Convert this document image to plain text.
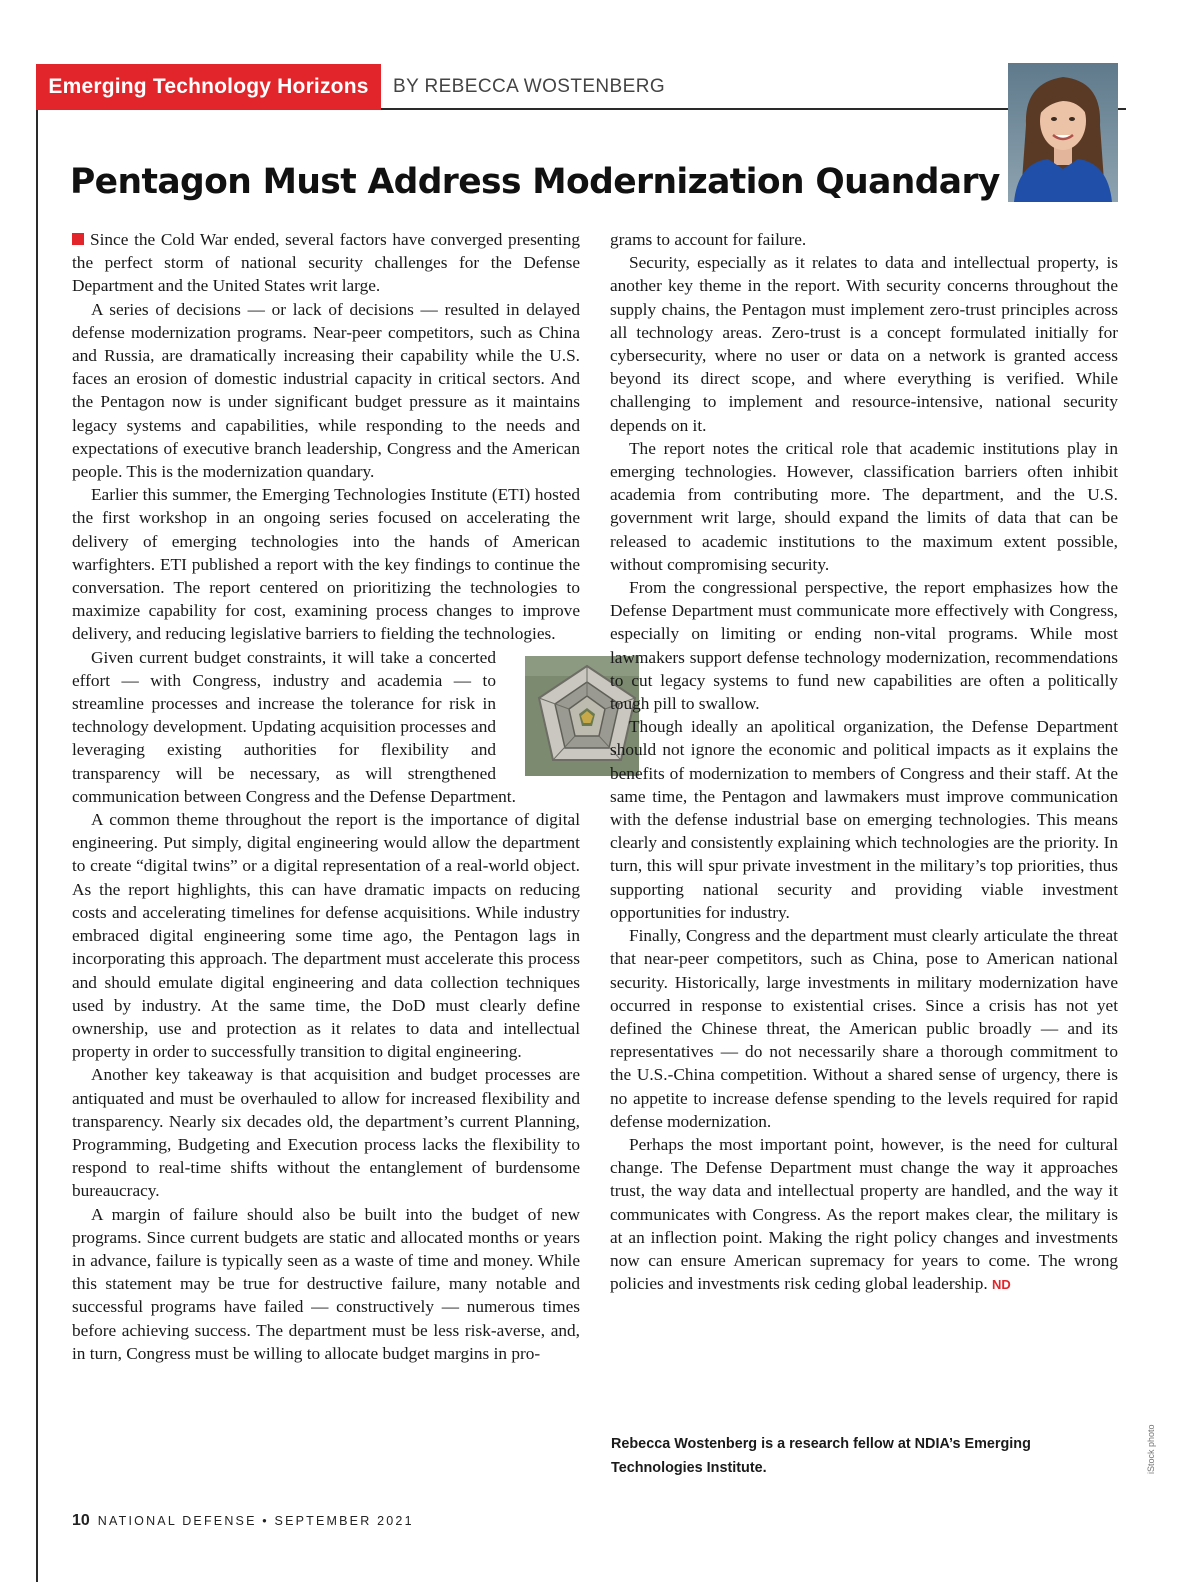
Emerging Technology Horizons	BY REBECCA WOSTENBERG
Pentagon Must Address Modernization Quandary

Since the Cold War ended, several factors have converged presenting the perfect storm of national security challenges for the Defense Department and the United States writ large.

A series of decisions — or lack of decisions — resulted in delayed defense modernization programs. Near-peer competitors, such as China and Russia, are dramatically increasing their capability while the U.S. faces an erosion of domestic industrial capacity in critical sectors. And the Pentagon now is under significant budget pressure as it maintains legacy systems and capabilities, while responding to the needs and expectations of executive branch leadership, Congress and the American people. This is the modernization quandary.

Earlier this summer, the Emerging Technologies Institute (ETI) hosted the first workshop in an ongoing series focused on accelerating the delivery of emerging technologies into the hands of American warfighters. ETI published a report with the key findings to continue the conversation. The report centered on prioritizing the technologies to maximize capability for cost, examining process changes to improve delivery, and reducing legislative barriers to fielding the technologies.

Given current budget constraints, it will take a concerted effort — with Congress, industry and academia — to streamline processes and increase the tolerance for risk in technology development. Updating acquisition processes and leveraging existing authorities for flexibility and transparency will be necessary, as will strengthened communication between Congress and the Defense Department.

A common theme throughout the report is the importance of digital engineering. Put simply, digital engineering would allow the department to create “digital twins” or a digital representation of a real-world object. As the report highlights, this can have dramatic impacts on reducing costs and accelerating timelines for defense acquisitions. While industry embraced digital engineering some time ago, the Pentagon lags in incorporating this approach. The department must accelerate this process and should emulate digital engineering and data collection techniques used by industry. At the same time, the DoD must clearly define ownership, use and protection as it relates to data and intellectual property in order to successfully transition to digital engineering.

Another key takeaway is that acquisition and budget processes are antiquated and must be overhauled to allow for increased flexibility and transparency. Nearly six decades old, the department’s current Planning, Programming, Budgeting and Execution process lacks the flexibility to respond to real-time shifts without the entanglement of burdensome bureaucracy.

A margin of failure should also be built into the budget of new programs. Since current budgets are static and allocated months or years in advance, failure is typically seen as a waste of time and money. While this statement may be true for destructive failure, many notable and successful programs have failed — constructively — numerous times before achieving success. The department must be less risk-averse, and, in turn, Congress must be willing to allocate budget margins in pro-

grams to account for failure.

Security, especially as it relates to data and intellectual property, is another key theme in the report. With security concerns throughout the supply chains, the Pentagon must implement zero-trust principles across all technology areas. Zero-trust is a concept formulated initially for cybersecurity, where no user or data on a network is granted access beyond its direct scope, and where everything is verified. While challenging to implement and resource-intensive, national security depends on it.

The report notes the critical role that academic institutions play in emerging technologies. However, classification barriers often inhibit academia from contributing more. The department, and the U.S. government writ large, should expand the limits of data that can be released to academic institutions to the maximum extent possible, without compromising security.

From the congressional perspective, the report emphasizes how the Defense Department must communicate more effectively with Congress, especially on limiting or ending non-vital programs. While most lawmakers support defense technology modernization, recommendations to cut legacy systems to fund new capabilities are often a politically tough pill to swallow.

Though ideally an apolitical organization, the Defense Department should not ignore the economic and political impacts as it explains the benefits of modernization to members of Congress and their staff. At the same time, the Pentagon and lawmakers must improve communication with the defense industrial base on emerging technologies. This means clearly and consistently explaining which technologies are the priority. In turn, this will spur private investment in the military’s top priorities, thus supporting national security and providing viable investment opportunities for industry.

Finally, Congress and the department must clearly articulate the threat that near-peer competitors, such as China, pose to American national security. Historically, large investments in military modernization have occurred in response to existential crises. Since a crisis has not yet defined the Chinese threat, the American public broadly — and its representatives — do not necessarily share a thorough commitment to the U.S.-China competition. Without a shared sense of urgency, there is no appetite to increase defense spending to the levels required for rapid defense modernization.

Perhaps the most important point, however, is the need for cultural change. The Defense Department must change the way it approaches trust, the way data and intellectual property are handled, and the way it communicates with Congress. As the report makes clear, the military is at an inflection point. Making the right policy changes and investments now can ensure American supremacy for years to come. The wrong policies and investments risk ceding global leadership. ND

Rebecca Wostenberg is a research fellow at NDIA’s Emerging Technologies Institute.	iStock photo
10 NATIONAL DEFENSE • SEPTEMBER 2021
